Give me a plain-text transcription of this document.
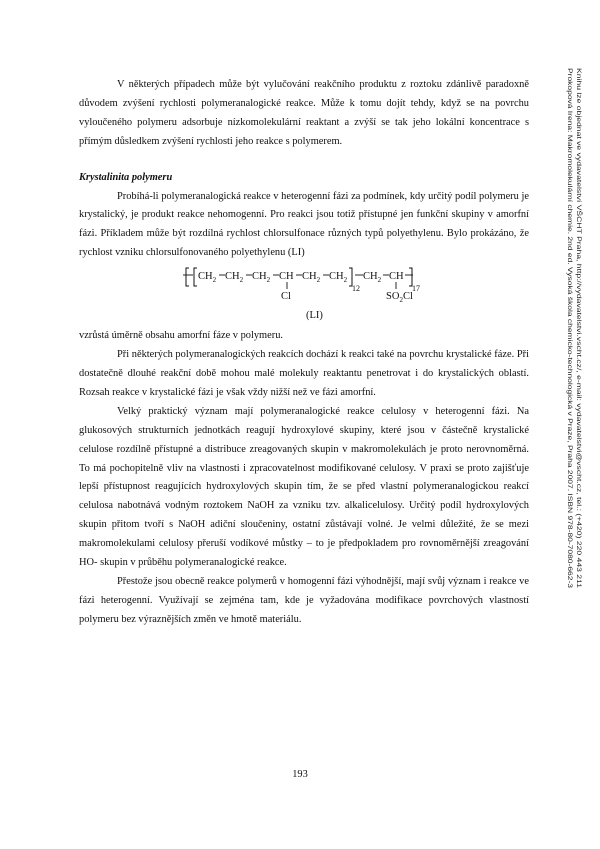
V některých případech může být vylučování reakčního produktu z roztoku zdánlivě paradoxně důvodem zvýšení rychlosti polymeranalogické reakce. Může k tomu dojít tehdy, když se na povrchu vyloučeného polymeru adsorbuje nízkomolekulární reaktant a zvýší se tak jeho lokální koncentrace s přímým důsledkem zvýšení rychlosti jeho reakce s polymerem.

Krystalinita polymeru

Probíhá-li polymeranalogická reakce v heterogenní fázi za podmínek, kdy určitý podíl polymeru je krystalický, je produkt reakce nehomogenní. Pro reakci jsou totiž přístupné jen funkční skupiny v amorfní fázi. Příkladem může být rozdílná rychlost chlorsulfonace různých typů polyethylenu. Bylo prokázáno, že rychlost vzniku chlorsulfonovaného polyethylenu (LI)

$CH_2$ $CH_2$ $CH_2$ CH
Cl
$CH_2$ $CH_2$
12
$CH_2$ CH
$SO_2Cl$
17
(LI)

vzrůstá úměrně obsahu amorfní fáze v polymeru.

Při některých polymeranalogických reakcích dochází k reakci také na povrchu krystalické fáze. Při dostatečně dlouhé reakční době mohou malé molekuly reaktantu penetrovat i do krystalických oblastí. Rozsah reakce v krystalické fázi je však vždy nižší než ve fázi amorfní.

Velký praktický význam mají polymeranalogické reakce celulosy v heterogenní fázi. Na glukosových strukturních jednotkách reagují hydroxylové skupiny, které jsou v částečně krystalické celulose rozdílně přístupné a distribuce zreagovaných skupin v makromolekulách je proto nerovnoměrná. To má pochopitelně vliv na vlastnosti i zpracovatelnost modifikované celulosy. V praxi se proto zajišťuje lepší přístupnost reagujících hydroxylových skupin tím, že se před vlastní polymeranalogickou reakcí celulosa nabotnává vodným roztokem NaOH za vzniku tzv. alkalicelulosy. Určitý podíl hydroxylových skupin přitom tvoří s NaOH adiční sloučeniny, ostatní zůstávají volné. Je velmi důležité, že se mezi makromolekulami celulosy přeruší vodíkové můstky – to je předpokladem pro rovnoměrnější zreagování HO- skupin v průběhu polymeranalogické reakce.

Přestože jsou obecně reakce polymerů v homogenní fázi výhodnější, mají svůj význam i reakce ve fázi heterogenní. Využívají se zejména tam, kde je vyžadována modifikace povrchových vlastností polymeru bez výraznějších změn ve hmotě materiálu.

Prokopová Irena: Makromolekulární chemie. 2nd ed. Vysoká škola chemicko-technologická v Praze, Praha 2007. ISBN 978-80-7080-662-3 Knihu lze objednat ve vydavatelství VŠCHT Praha, http://vydavatelstvi.vscht.cz/, e-mail: vydavatelstvi@vscht.cz, tel.: (+420) 220 443 211
193
